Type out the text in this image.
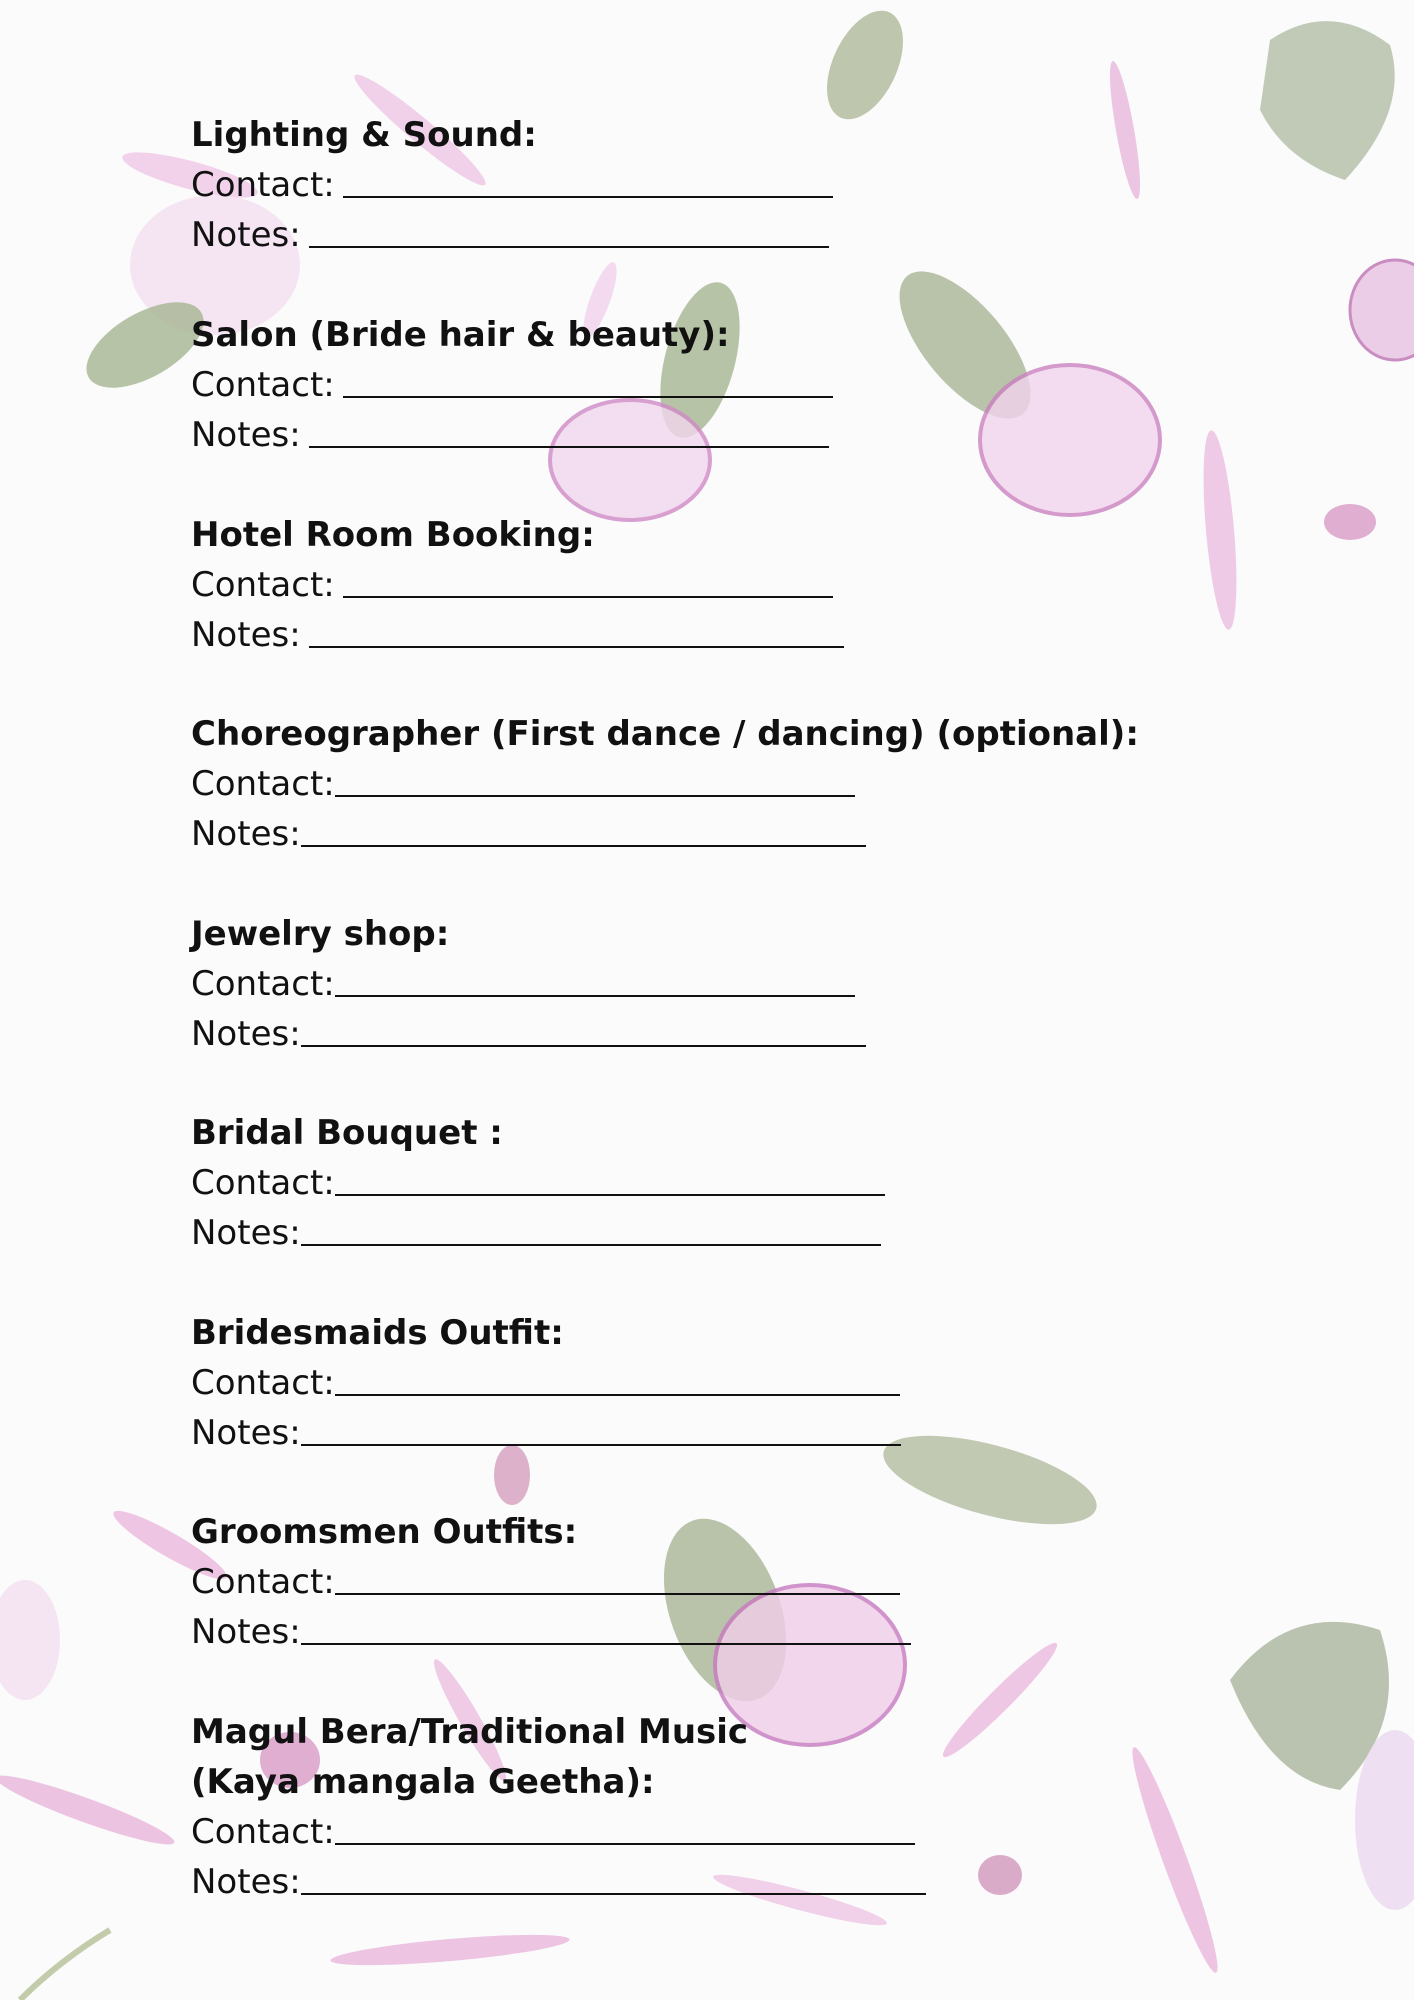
Lighting & Sound:
Contact:
Notes:
Salon (Bride hair & beauty):
Contact:
Notes:
Hotel Room Booking:
Contact:
Notes:
Choreographer (First dance / dancing) (optional):
Contact:
Notes:
Jewelry shop:
Contact:
Notes:
Bridal Bouquet :
Contact:
Notes:
Bridesmaids Outfit:
Contact:
Notes:
Groomsmen Outfits:
Contact:
Notes:
Magul Bera/Traditional Music
(Kaya mangala Geetha):
Contact:
Notes:
